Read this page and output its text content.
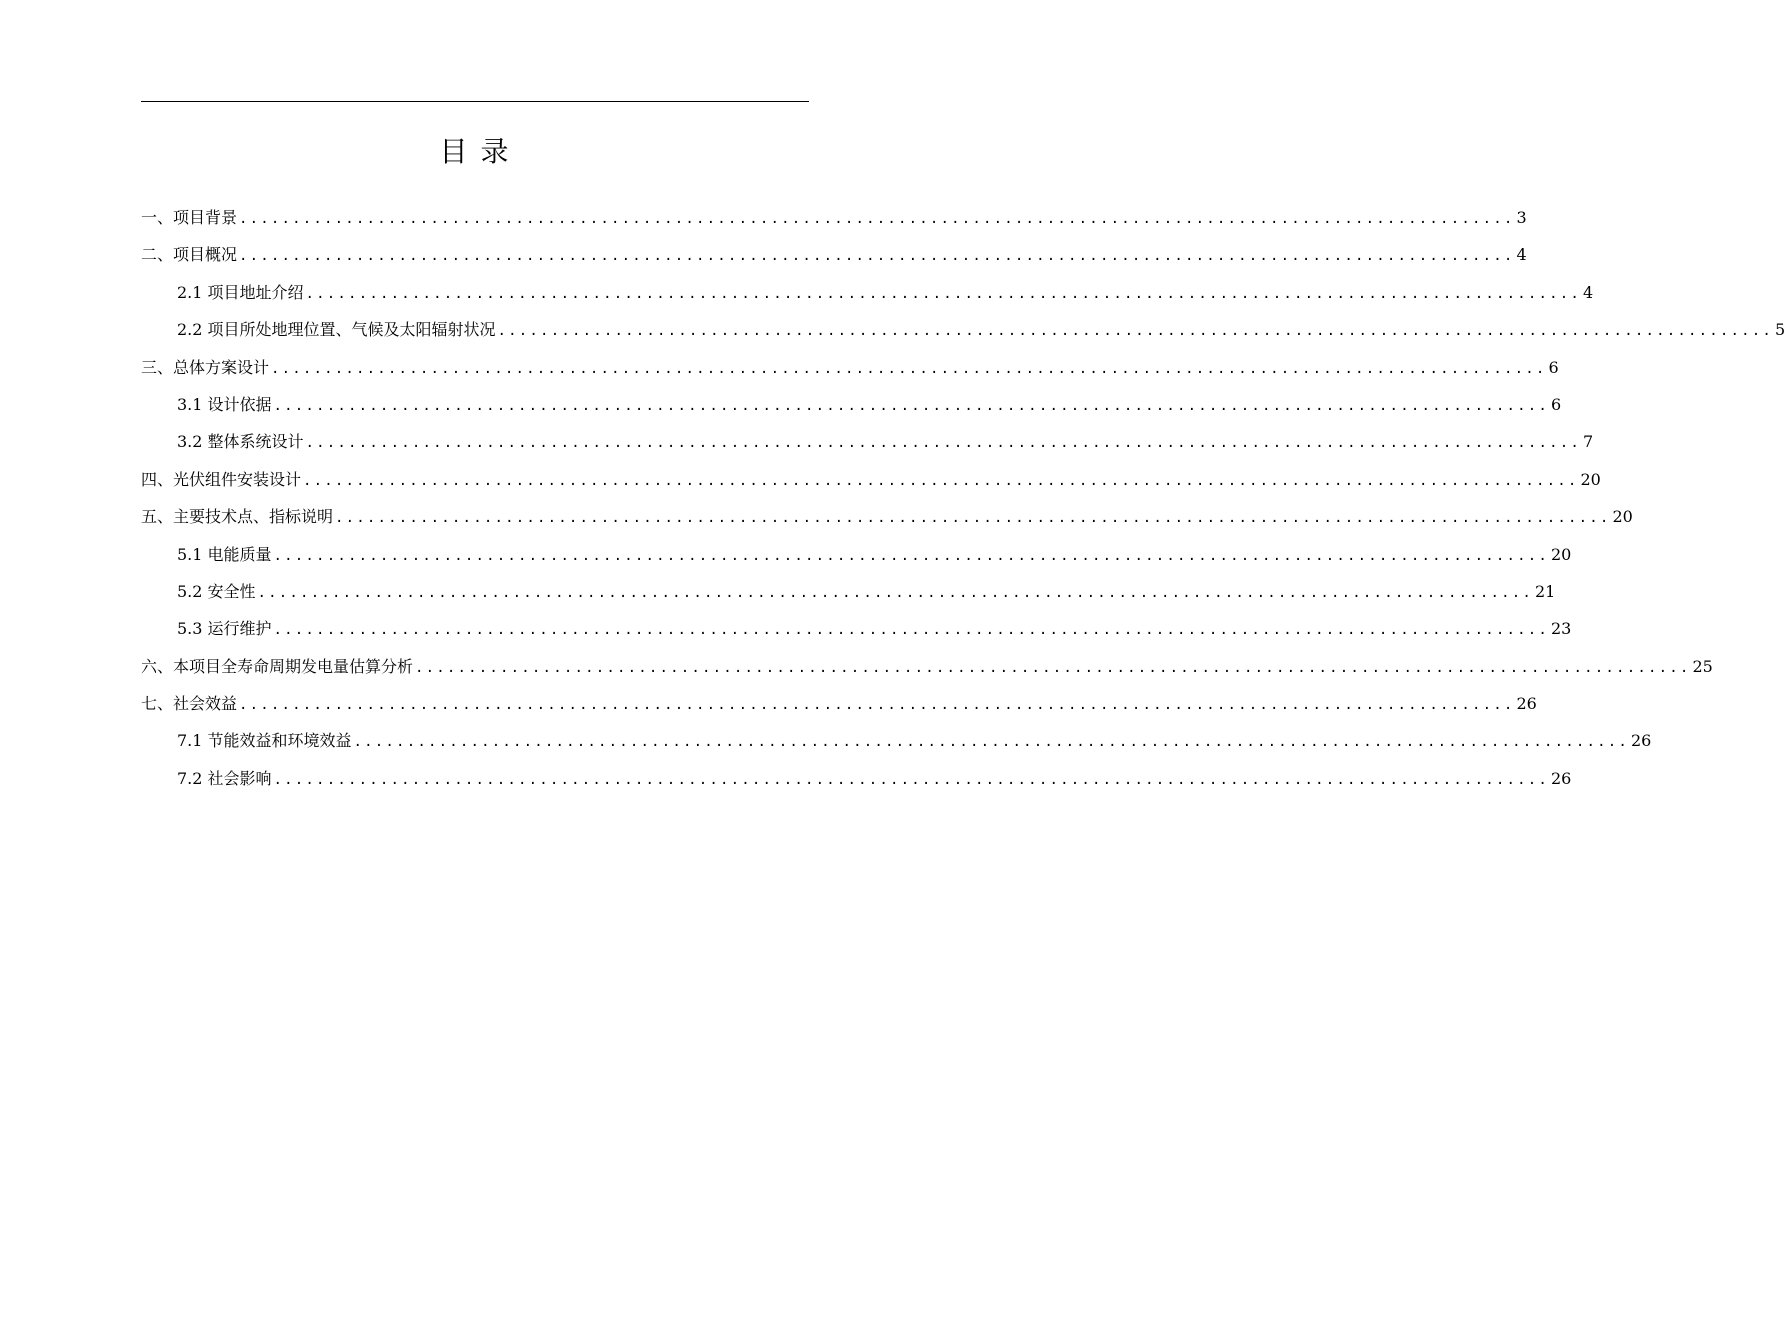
目 录
一、项目背景 ........................................................................................................................ 3
二、项目概况 ........................................................................................................................ 4
2.1 项目地址介绍 ........................................................................................................................ 4
2.2 项目所处地理位置、气候及太阳辐射状况 ........................................................................................................................ 5
三、总体方案设计 ........................................................................................................................ 6
3.1 设计依据 ........................................................................................................................ 6
3.2 整体系统设计 ........................................................................................................................ 7
四、光伏组件安装设计 ........................................................................................................................ 20
五、主要技术点、指标说明 ........................................................................................................................ 20
5.1 电能质量 ........................................................................................................................ 20
5.2 安全性 ........................................................................................................................ 21
5.3 运行维护 ........................................................................................................................ 23
六、本项目全寿命周期发电量估算分析 ........................................................................................................................ 25
七、社会效益 ........................................................................................................................ 26
7.1 节能效益和环境效益 ........................................................................................................................ 26
7.2 社会影响 ........................................................................................................................ 26
